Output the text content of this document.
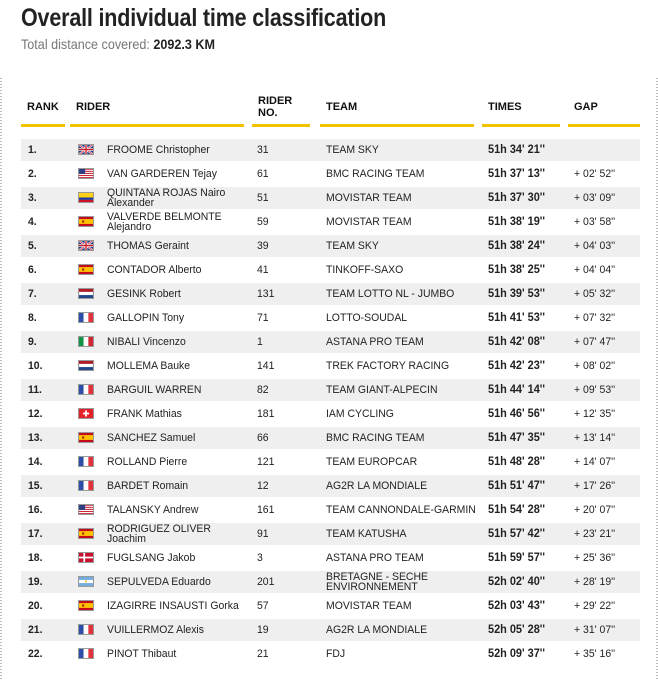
Overall individual time classification
Total distance covered: 2092.3 KM
RANK RIDER	RIDER NO.	TEAM	TIMES	GAP
1.	FROOME Christopher	31	TEAM SKY	51h 34' 21''
2.	VAN GARDEREN Tejay	61	BMC RACING TEAM	51h 37' 13''	+ 02' 52''
3.	QUINTANA ROJAS Nairo Alexander	51	MOVISTAR TEAM	51h 37' 30''	+ 03' 09''
4.	VALVERDE BELMONTE Alejandro	59	MOVISTAR TEAM	51h 38' 19''	+ 03' 58''
5.	THOMAS Geraint	39	TEAM SKY	51h 38' 24''	+ 04' 03''
6.	CONTADOR Alberto	41	TINKOFF-SAXO	51h 38' 25''	+ 04' 04''
7.	GESINK Robert	131	TEAM LOTTO NL - JUMBO	51h 39' 53''	+ 05' 32''
8.	GALLOPIN Tony	71	LOTTO-SOUDAL	51h 41' 53''	+ 07' 32''
9.	NIBALI Vincenzo	1	ASTANA PRO TEAM	51h 42' 08''	+ 07' 47''
10.	MOLLEMA Bauke	141	TREK FACTORY RACING	51h 42' 23''	+ 08' 02''
11.	BARGUIL WARREN	82	TEAM GIANT-ALPECIN	51h 44' 14''	+ 09' 53''
12.	FRANK Mathias	181	IAM CYCLING	51h 46' 56''	+ 12' 35''
13.	SANCHEZ Samuel	66	BMC RACING TEAM	51h 47' 35''	+ 13' 14''
14.	ROLLAND Pierre	121	TEAM EUROPCAR	51h 48' 28''	+ 14' 07''
15.	BARDET Romain	12	AG2R LA MONDIALE	51h 51' 47''	+ 17' 26''
16.	TALANSKY Andrew	161	TEAM CANNONDALE-GARMIN 51h 54' 28''	+ 20' 07''
17.	RODRIGUEZ OLIVER Joachim	91	TEAM KATUSHA	51h 57' 42''	+ 23' 21''
18.	FUGLSANG Jakob	3	ASTANA PRO TEAM	51h 59' 57''	+ 25' 36''
19.	SEPULVEDA Eduardo	201	BRETAGNE - SECHE ENVIRONNEMENT	52h 02' 40''	+ 28' 19''
20.	IZAGIRRE INSAUSTI Gorka 57	MOVISTAR TEAM	52h 03' 43''	+ 29' 22''
21.	VUILLERMOZ Alexis	19	AG2R LA MONDIALE	52h 05' 28''	+ 31' 07''
22.	PINOT Thibaut	21	FDJ	52h 09' 37''	+ 35' 16''
